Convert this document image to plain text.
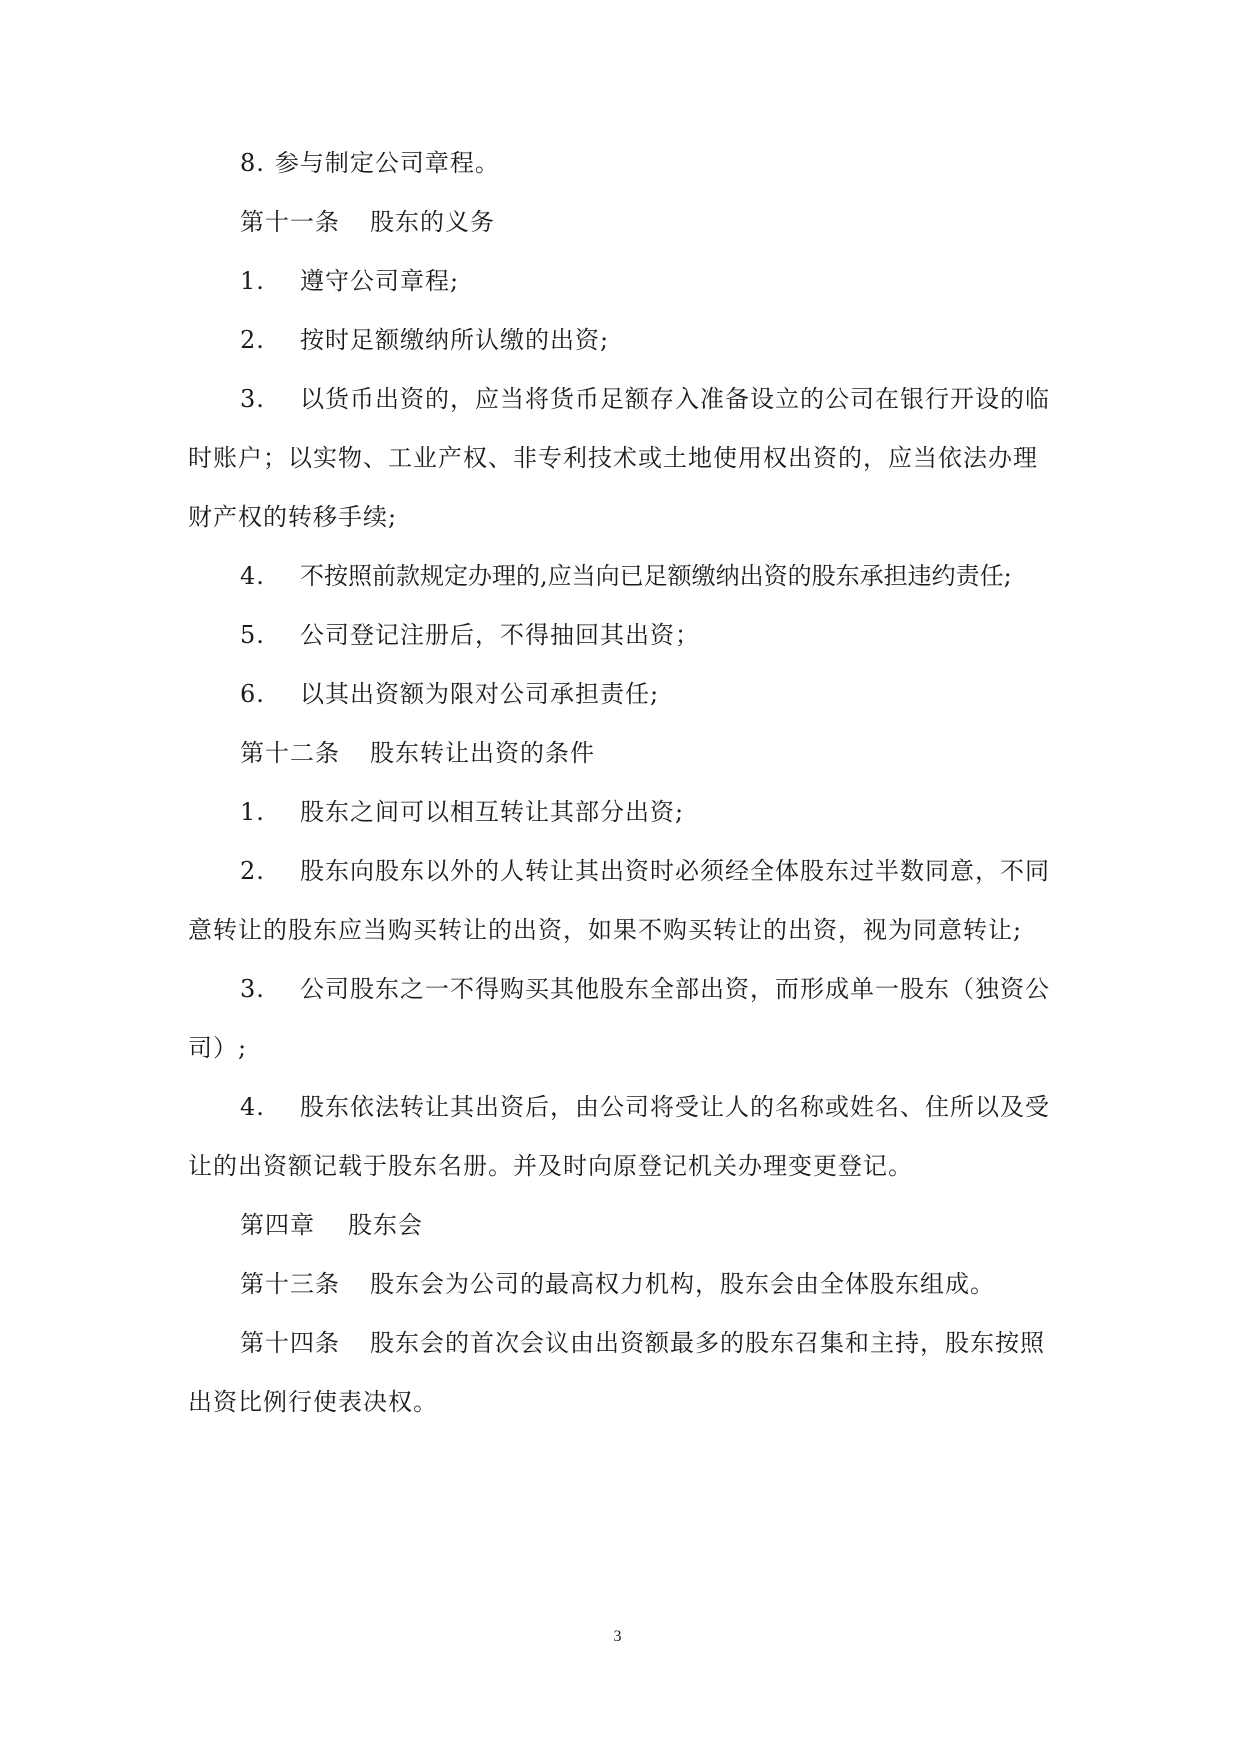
8. 参与制定公司章程。
第十一条 股东的义务
1. 遵守公司章程;
2. 按时足额缴纳所认缴的出资;
3. 以货币出资的，应当将货币足额存入准备设立的公司在银行开设的临
时账户；以实物、工业产权、非专利技术或土地使用权出资的，应当依法办理
财产权的转移手续;
4. 不按照前款规定办理的,应当向已足额缴纳出资的股东承担违约责任;
5. 公司登记注册后，不得抽回其出资；
6. 以其出资额为限对公司承担责任;
第十二条 股东转让出资的条件
1. 股东之间可以相互转让其部分出资;
2. 股东向股东以外的人转让其出资时必须经全体股东过半数同意，不同
意转让的股东应当购买转让的出资，如果不购买转让的出资，视为同意转让;
3. 公司股东之一不得购买其他股东全部出资，而形成单一股东（独资公
司）;
4. 股东依法转让其出资后，由公司将受让人的名称或姓名、住所以及受
让的出资额记载于股东名册。并及时向原登记机关办理变更登记。
第四章 股东会
第十三条 股东会为公司的最高权力机构，股东会由全体股东组成。
第十四条 股东会的首次会议由出资额最多的股东召集和主持，股东按照
出资比例行使表决权。
3
